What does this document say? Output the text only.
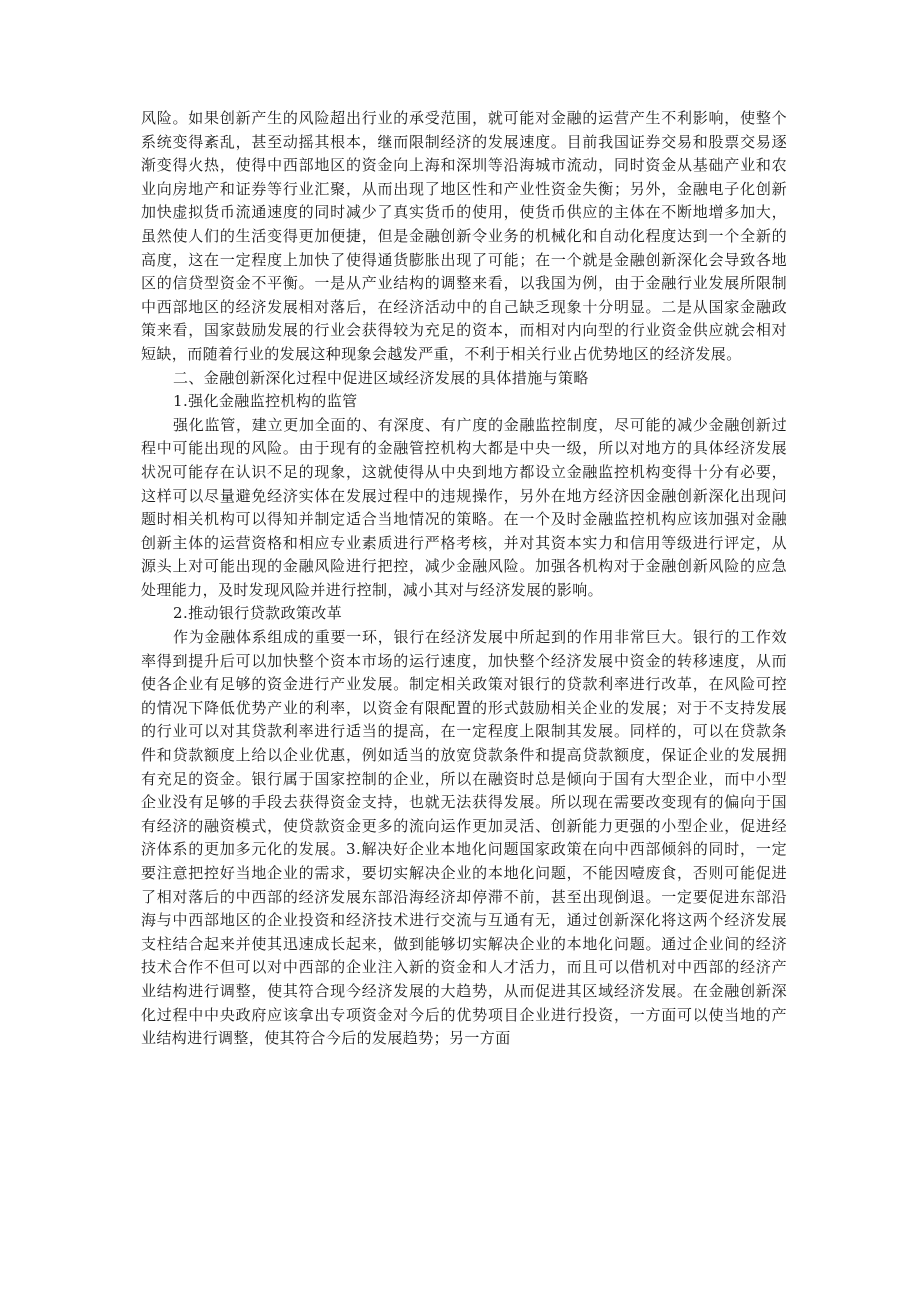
风险。如果创新产生的风险超出行业的承受范围，就可能对金融的运营产生不利影响，使整个系统变得紊乱，甚至动摇其根本，继而限制经济的发展速度。目前我国证券交易和股票交易逐渐变得火热，使得中西部地区的资金向上海和深圳等沿海城市流动，同时资金从基础产业和农业向房地产和证券等行业汇聚，从而出现了地区性和产业性资金失衡；另外，金融电子化创新加快虚拟货币流通速度的同时减少了真实货币的使用，使货币供应的主体在不断地增多加大，虽然使人们的生活变得更加便捷，但是金融创新令业务的机械化和自动化程度达到一个全新的高度，这在一定程度上加快了使得通货膨胀出现了可能；在一个就是金融创新深化会导致各地区的信贷型资金不平衡。一是从产业结构的调整来看，以我国为例，由于金融行业发展所限制中西部地区的经济发展相对落后，在经济活动中的自己缺乏现象十分明显。二是从国家金融政策来看，国家鼓励发展的行业会获得较为充足的资本，而相对内向型的行业资金供应就会相对短缺，而随着行业的发展这种现象会越发严重，不利于相关行业占优势地区的经济发展。

二、金融创新深化过程中促进区域经济发展的具体措施与策略

1.强化金融监控机构的监管

强化监管，建立更加全面的、有深度、有广度的金融监控制度，尽可能的减少金融创新过程中可能出现的风险。由于现有的金融管控机构大都是中央一级，所以对地方的具体经济发展状况可能存在认识不足的现象，这就使得从中央到地方都设立金融监控机构变得十分有必要，这样可以尽量避免经济实体在发展过程中的违规操作，另外在地方经济因金融创新深化出现问题时相关机构可以得知并制定适合当地情况的策略。在一个及时金融监控机构应该加强对金融创新主体的运营资格和相应专业素质进行严格考核，并对其资本实力和信用等级进行评定，从源头上对可能出现的金融风险进行把控，减少金融风险。加强各机构对于金融创新风险的应急处理能力，及时发现风险并进行控制，减小其对与经济发展的影响。

2.推动银行贷款政策改革

作为金融体系组成的重要一环，银行在经济发展中所起到的作用非常巨大。银行的工作效率得到提升后可以加快整个资本市场的运行速度，加快整个经济发展中资金的转移速度，从而使各企业有足够的资金进行产业发展。制定相关政策对银行的贷款利率进行改革，在风险可控的情况下降低优势产业的利率，以资金有限配置的形式鼓励相关企业的发展；对于不支持发展的行业可以对其贷款利率进行适当的提高，在一定程度上限制其发展。同样的，可以在贷款条件和贷款额度上给以企业优惠，例如适当的放宽贷款条件和提高贷款额度，保证企业的发展拥有充足的资金。银行属于国家控制的企业，所以在融资时总是倾向于国有大型企业，而中小型企业没有足够的手段去获得资金支持，也就无法获得发展。所以现在需要改变现有的偏向于国有经济的融资模式，使贷款资金更多的流向运作更加灵活、创新能力更强的小型企业，促进经济体系的更加多元化的发展。3.解决好企业本地化问题国家政策在向中西部倾斜的同时，一定要注意把控好当地企业的需求，要切实解决企业的本地化问题，不能因噎废食，否则可能促进了相对落后的中西部的经济发展东部沿海经济却停滞不前，甚至出现倒退。一定要促进东部沿海与中西部地区的企业投资和经济技术进行交流与互通有无，通过创新深化将这两个经济发展支柱结合起来并使其迅速成长起来，做到能够切实解决企业的本地化问题。通过企业间的经济技术合作不但可以对中西部的企业注入新的资金和人才活力，而且可以借机对中西部的经济产业结构进行调整，使其符合现今经济发展的大趋势，从而促进其区域经济发展。在金融创新深化过程中中央政府应该拿出专项资金对今后的优势项目企业进行投资，一方面可以使当地的产业结构进行调整，使其符合今后的发展趋势；另一方面
